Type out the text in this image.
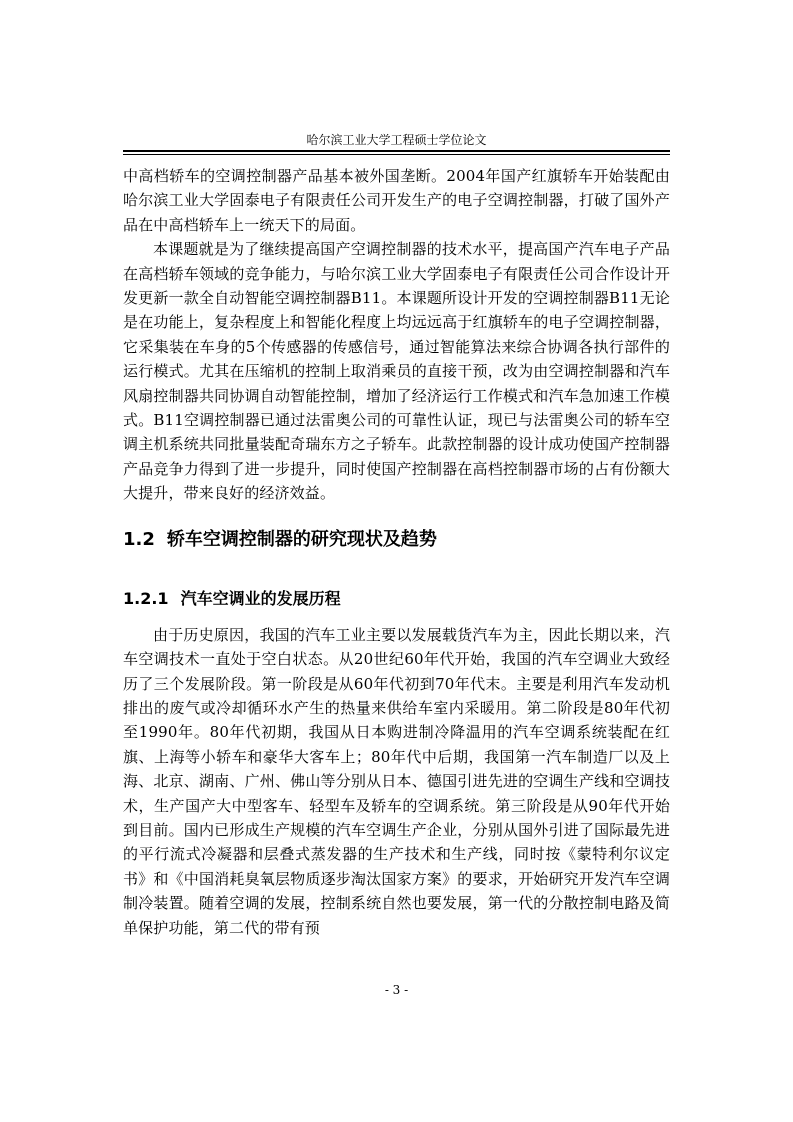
哈尔滨工业大学工程硕士学位论文

中高档轿车的空调控制器产品基本被外国垄断。2004年国产红旗轿车开始装配由哈尔滨工业大学固泰电子有限责任公司开发生产的电子空调控制器，打破了国外产品在中高档轿车上一统天下的局面。

本课题就是为了继续提高国产空调控制器的技术水平，提高国产汽车电子产品在高档轿车领域的竞争能力，与哈尔滨工业大学固泰电子有限责任公司合作设计开发更新一款全自动智能空调控制器B11。本课题所设计开发的空调控制器B11无论是在功能上，复杂程度上和智能化程度上均远远高于红旗轿车的电子空调控制器，它采集装在车身的5个传感器的传感信号，通过智能算法来综合协调各执行部件的运行模式。尤其在压缩机的控制上取消乘员的直接干预，改为由空调控制器和汽车风扇控制器共同协调自动智能控制，增加了经济运行工作模式和汽车急加速工作模式。B11空调控制器已通过法雷奥公司的可靠性认证，现已与法雷奥公司的轿车空调主机系统共同批量装配奇瑞东方之子轿车。此款控制器的设计成功使国产控制器产品竞争力得到了进一步提升，同时使国产控制器在高档控制器市场的占有份额大大提升，带来良好的经济效益。

1.2 轿车空调控制器的研究现状及趋势
1.2.1 汽车空调业的发展历程

由于历史原因，我国的汽车工业主要以发展载货汽车为主，因此长期以来，汽车空调技术一直处于空白状态。从20世纪60年代开始，我国的汽车空调业大致经历了三个发展阶段。第一阶段是从60年代初到70年代末。主要是利用汽车发动机排出的废气或冷却循环水产生的热量来供给车室内采暖用。第二阶段是80年代初至1990年。80年代初期，我国从日本购进制冷降温用的汽车空调系统装配在红旗、上海等小轿车和豪华大客车上；80年代中后期，我国第一汽车制造厂以及上海、北京、湖南、广州、佛山等分别从日本、德国引进先进的空调生产线和空调技术，生产国产大中型客车、轻型车及轿车的空调系统。第三阶段是从90年代开始到目前。国内已形成生产规模的汽车空调生产企业，分别从国外引进了国际最先进的平行流式冷凝器和层叠式蒸发器的生产技术和生产线，同时按《蒙特利尔议定书》和《中国消耗臭氧层物质逐步淘汰国家方案》的要求，开始研究开发汽车空调制冷装置。随着空调的发展，控制系统自然也要发展，第一代的分散控制电路及简单保护功能，第二代的带有预

- 3 -
